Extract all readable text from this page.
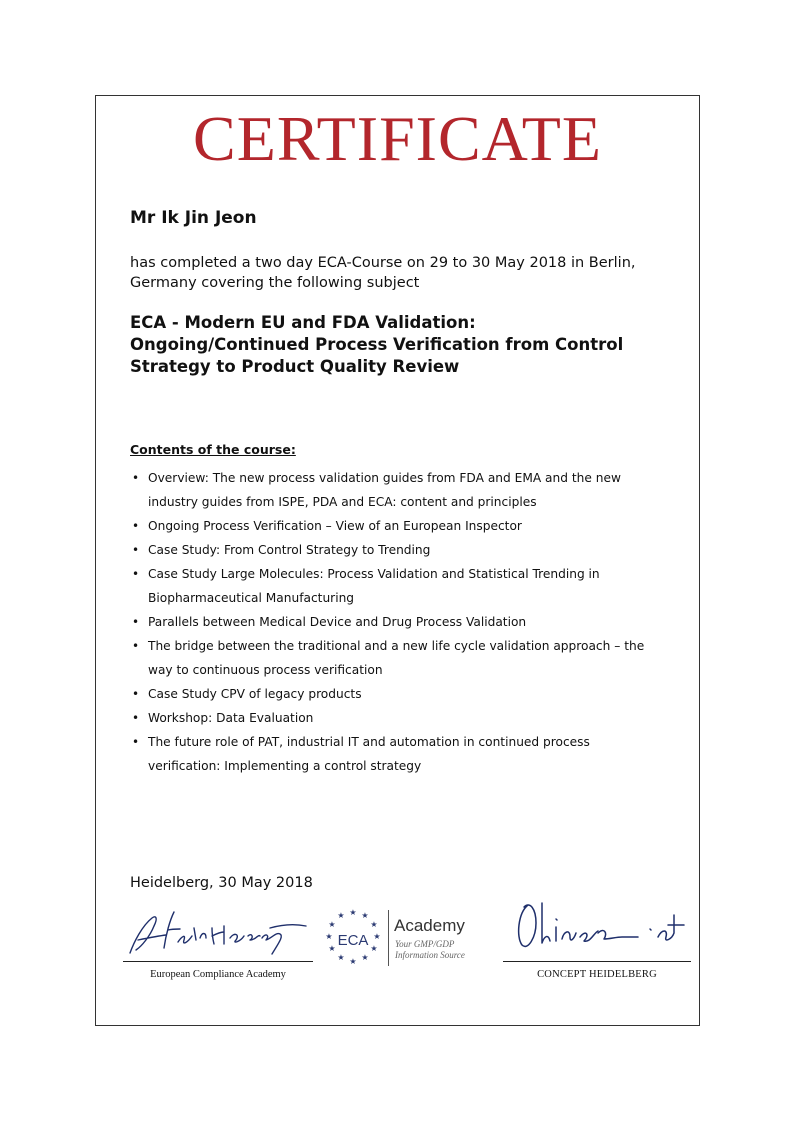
CERTIFICATE
Mr Ik Jin Jeon
has completed a two day ECA-Course on 29 to 30 May 2018 in Berlin,
Germany covering the following subject
ECA - Modern EU and FDA Validation:
Ongoing/Continued Process Verification from Control
Strategy to Product Quality Review
Contents of the course:
• Overview: The new process validation guides from FDA and EMA and the new
industry guides from ISPE, PDA and ECA: content and principles
• Ongoing Process Verification – View of an European Inspector
• Case Study: From Control Strategy to Trending
• Case Study Large Molecules: Process Validation and Statistical Trending in
Biopharmaceutical Manufacturing
• Parallels between Medical Device and Drug Process Validation
• The bridge between the traditional and a new life cycle validation approach – the
way to continuous process verification
• Case Study CPV of legacy products
• Workshop: Data Evaluation
• The future role of PAT, industrial IT and automation in continued process
verification: Implementing a control strategy
Heidelberg, 30 May 2018
European Compliance Academy
★ ★
★
★
★
★
★
★
★
★
★
★
ECA
Academy
Your GMP/GDP
Information Source
CONCEPT HEIDELBERG
